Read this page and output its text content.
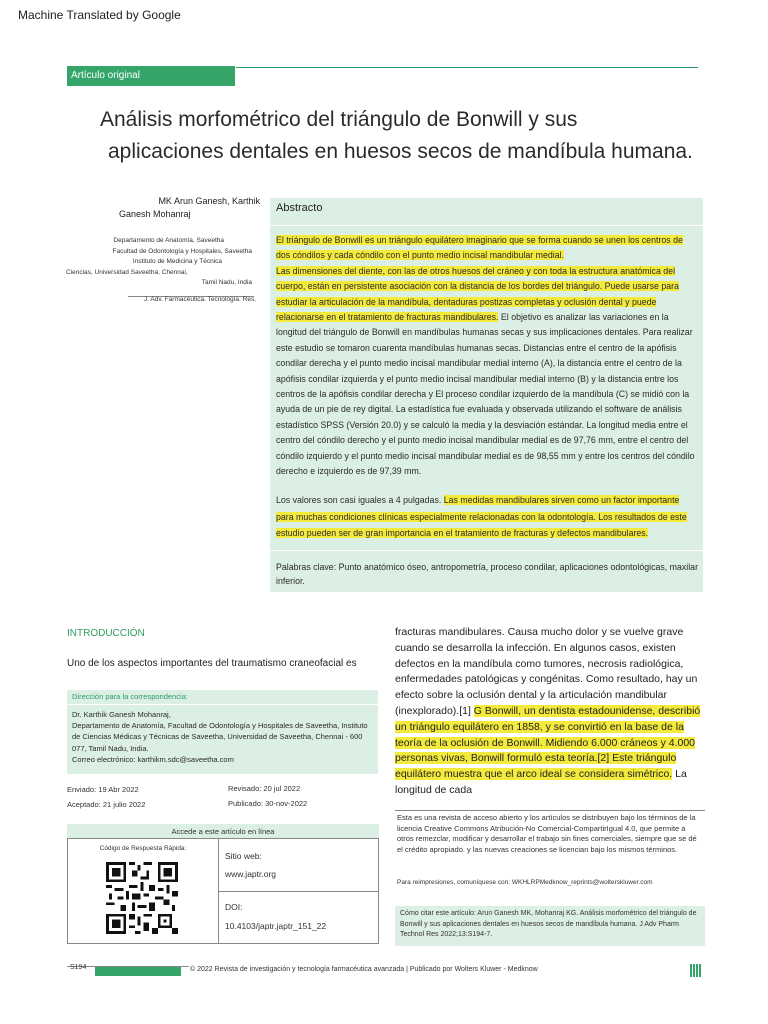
Machine Translated by Google
Artículo original
Análisis morfométrico del triángulo de Bonwill y sus
aplicaciones dentales en huesos secos de mandíbula humana.
MK Arun Ganesh, Karthik
Ganesh Mohanraj
Departamento de Anatomía, Saveetha
Facultad de Odontología y Hospitales, Saveetha
Instituto de Medicina y Técnica
Ciencias, Universidad Saveetha, Chennai,
Tamil Nadu, India
J. Adv. Farmacéutica. Tecnología. Res.
Abstracto
El triángulo de Bonwill es un triángulo equilátero imaginario que se forma cuando se unen los centros de dos cóndilos y cada cóndilo con el punto medio incisal mandibular medial.
Las dimensiones del diente, con las de otros huesos del cráneo y con toda la estructura anatómica del cuerpo, están en persistente asociación con la distancia de los bordes del triángulo. Puede usarse para estudiar la articulación de la mandíbula, dentaduras postizas completas y oclusión dental y puede relacionarse en el tratamiento de fracturas mandibulares. El objetivo es analizar las variaciones en la longitud del triángulo de Bonwill en mandíbulas humanas secas y sus implicaciones dentales. Para realizar este estudio se tomaron cuarenta mandíbulas humanas secas. Distancias entre el centro de la apófisis condilar derecha y el punto medio incisal mandibular medial interno (A), la distancia entre el centro de la apófisis condilar izquierda y el punto medio incisal mandibular medial interno (B) y la distancia entre los centros de la apófisis condilar derecha y El proceso condilar izquierdo de la mandíbula (C) se midió con la ayuda de un pie de rey digital. La estadística fue evaluada y observada utilizando el software de análisis estadístico SPSS (Versión 20.0) y se calculó la media y la desviación estándar. La longitud media entre el centro del cóndilo derecho y el punto medio incisal mandibular medial es de 97,76 mm, entre el centro del cóndilo izquierdo y el punto medio incisal mandibular medial es de 98,55 mm y entre los centros del cóndilo derecho e izquierdo es de 97,39 mm.
Los valores son casi iguales a 4 pulgadas. Las medidas mandibulares sirven como un factor importante para muchas condiciones clínicas especialmente relacionadas con la odontología. Los resultados de este estudio pueden ser de gran importancia en el tratamiento de fracturas y defectos mandibulares.
Palabras clave: Punto anatómico óseo, antropometría, proceso condilar, aplicaciones odontológicas, maxilar inferior.
INTRODUCCIÓN
Uno de los aspectos importantes del traumatismo craneofacial es
Dirección para la correspondencia:
Dr. Karthik Ganesh Mohanraj,
Departamento de Anatomía, Facultad de Odontología y Hospitales de Saveetha, Instituto de Ciencias Médicas y Técnicas de Saveetha, Universidad de Saveetha, Chennai - 600 077, Tamil Nadu, India.
Correo electrónico: karthikm.sdc@saveetha.com
Enviado: 19 Abr 2022	Revisado: 20 jul 2022
Aceptado: 21 julio 2022	Publicado: 30-nov-2022
Accede a este artículo en línea
Código de Respuesta Rápida:
Sitio web:
www.japtr.org
DOI:
10.4103/japtr.japtr_151_22
fracturas mandibulares. Causa mucho dolor y se vuelve grave cuando se desarrolla la infección. En algunos casos, existen defectos en la mandíbula como tumores, necrosis radiológica, enfermedades patológicas y congénitas. Como resultado, hay un efecto sobre la oclusión dental y la articulación mandibular (inexplorado).[1] G Bonwill, un dentista estadounidense, describió un triángulo equilátero en 1858, y se convirtió en la base de la teoría de la oclusión de Bonwill. Midiendo 6.000 cráneos y 4.000 personas vivas, Bonwill formuló esta teoría.[2] Este triángulo equilátero muestra que el arco ideal se considera simétrico. La longitud de cada
Esta es una revista de acceso abierto y los artículos se distribuyen bajo los términos de la licencia Creative Commons Atribución-No Comercial-CompartirIgual 4.0, que permite a otros remezclar, modificar y desarrollar el trabajo sin fines comerciales, siempre que se dé el crédito apropiado. y las nuevas creaciones se licencian bajo los mismos términos.
Para reimpresiones, comuníquese con: WKHLRPMedknow_reprints@wolterskluwer.com
Cómo citar este artículo: Arun Ganesh MK, Mohanraj KG. Análisis morfométrico del triángulo de Bonwill y sus aplicaciones dentales en huesos secos de mandíbula humana. J Adv Pharm Technol Res 2022;13:S194-7.
S194	© 2022 Revista de investigación y tecnología farmacéutica avanzada | Publicado por Wolters Kluwer - Medknow
